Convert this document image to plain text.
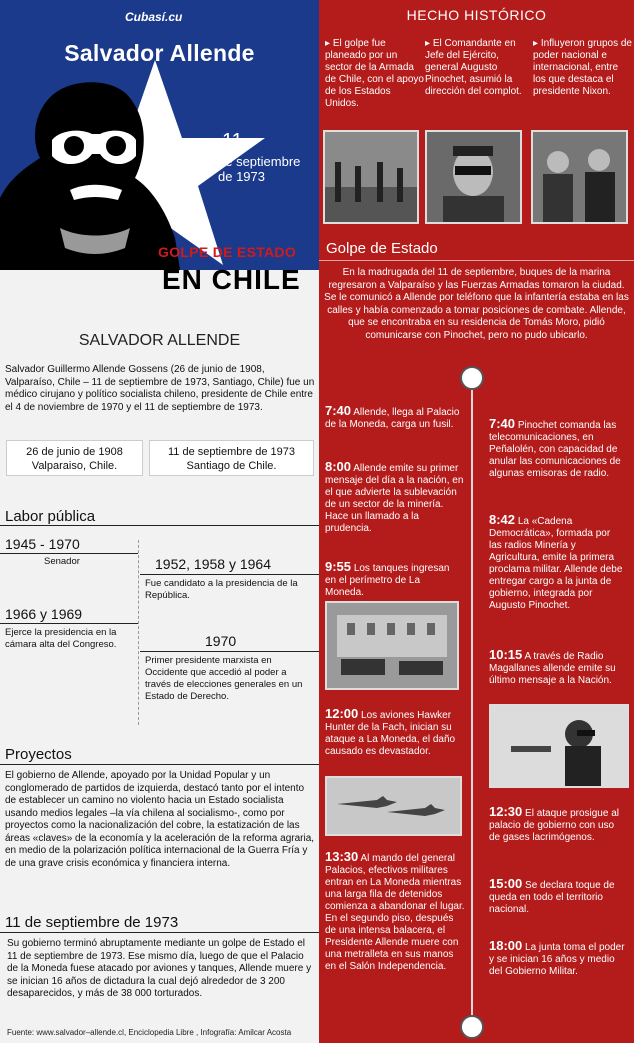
Cubasí.cu
Salvador Allende
11
de septiembre
de 1973
GOLPE DE ESTADO
EN CHILE
SALVADOR ALLENDE
Salvador Guillermo Allende Gossens (26 de junio de 1908, Valparaíso, Chile – 11 de septiembre de 1973, Santiago, Chile) fue un médico cirujano y político socialista chileno, presidente de Chile entre el 4 de noviembre de 1970 y el 11 de septiembre de 1973.
26 de junio de 1908
Valparaiso, Chile.
11 de septiembre de 1973
Santiago de Chile.
Labor pública
1945 - 1970
Senador	1952, 1958 y 1964
Fue candidato a la presidencia de la República.
1966 y 1969
Ejerce la presidencia en la cámara alta del Congreso.	1970
Primer presidente marxista en Occidente que accedió al poder a través de elecciones generales en un Estado de Derecho.
Proyectos
El gobierno de Allende, apoyado por la Unidad Popular y un conglomerado de partidos de izquierda, destacó tanto por el intento de establecer un camino no violento hacia un Estado socialista usando medios legales –la vía chilena al socialismo-, como por proyectos como la nacionalización del cobre, la estatización de las áreas «claves» de la economía y la aceleración de la reforma agraria, en medio de la polarización política internacional de la Guerra Fría y de una grave crisis económica y financiera interna.
11 de septiembre de 1973
Su gobierno terminó abruptamente mediante un golpe de Estado el 11 de septiembre de 1973. Ese mismo día, luego de que el Palacio de la Moneda fuese atacado por aviones y tanques, Allende muere y se inician 16 años de dictadura la cual dejó alrededor de 3 200 desaparecidos, y más de 38 000 torturados.
Fuente: www.salvador–allende.cl, Enciclopedia Libre , Infografía: Amilcar Acosta
HECHO HISTÓRICO
▸ El golpe fue planeado por un sector de la Armada de Chile, con el apoyo de los Estados Unidos.
▸ El Comandante en Jefe del Ejército, general Augusto Pinochet, asumió la dirección del complot.
▸ Influyeron grupos de poder nacional e internacional, entre los que destaca el presidente Nixon.
Golpe de Estado
En la madrugada del 11 de septiembre, buques de la marina regresaron a Valparaíso y las Fuerzas Armadas tomaron la ciudad. Se le comunicó a Allende por teléfono que la infantería estaba en las calles y había comenzado a tomar posiciones de combate. Allende, que se encontraba en su residencia de Tomás Moro, pidió comunicarse con Pinochet, pero no pudo ubicarlo.
7:40 Allende, llega al Palacio de la Moneda, carga un fusil.
8:00 Allende emite su primer mensaje del día a la nación, en el que advierte la sublevación de un sector de la minería. Hace un llamado a la prudencia.
9:55 Los tanques ingresan en el perímetro de La Moneda.
12:00 Los aviones Hawker Hunter de la Fach, inician su ataque a La Moneda, el daño causado es devastador.
13:30 Al mando del general Palacios, efectivos militares entran en La Moneda mientras una larga fila de detenidos comienza a abandonar el lugar. En el segundo piso, después de una intensa balacera, el Presidente Allende muere con una metralleta en sus manos en el Salón Independencia.
7:40 Pinochet comanda las telecomunicaciones, en Peñalolén, con capacidad de anular las comunicaciones de algunas emisoras de radio.
8:42 La «Cadena Democrática», formada por las radios Minería y Agricultura, emite la primera proclama militar. Allende debe entregar cargo a la junta de gobierno, integrada por Augusto Pinochet.
10:15 A través de Radio Magallanes allende emite su último mensaje a la Nación.
12:30 El ataque prosigue al palacio de gobierno con uso de gases lacrimógenos.
15:00 Se declara toque de queda en todo el territorio nacional.
18:00 La junta toma el poder y se inician 16 años y medio del Gobierno Militar.
